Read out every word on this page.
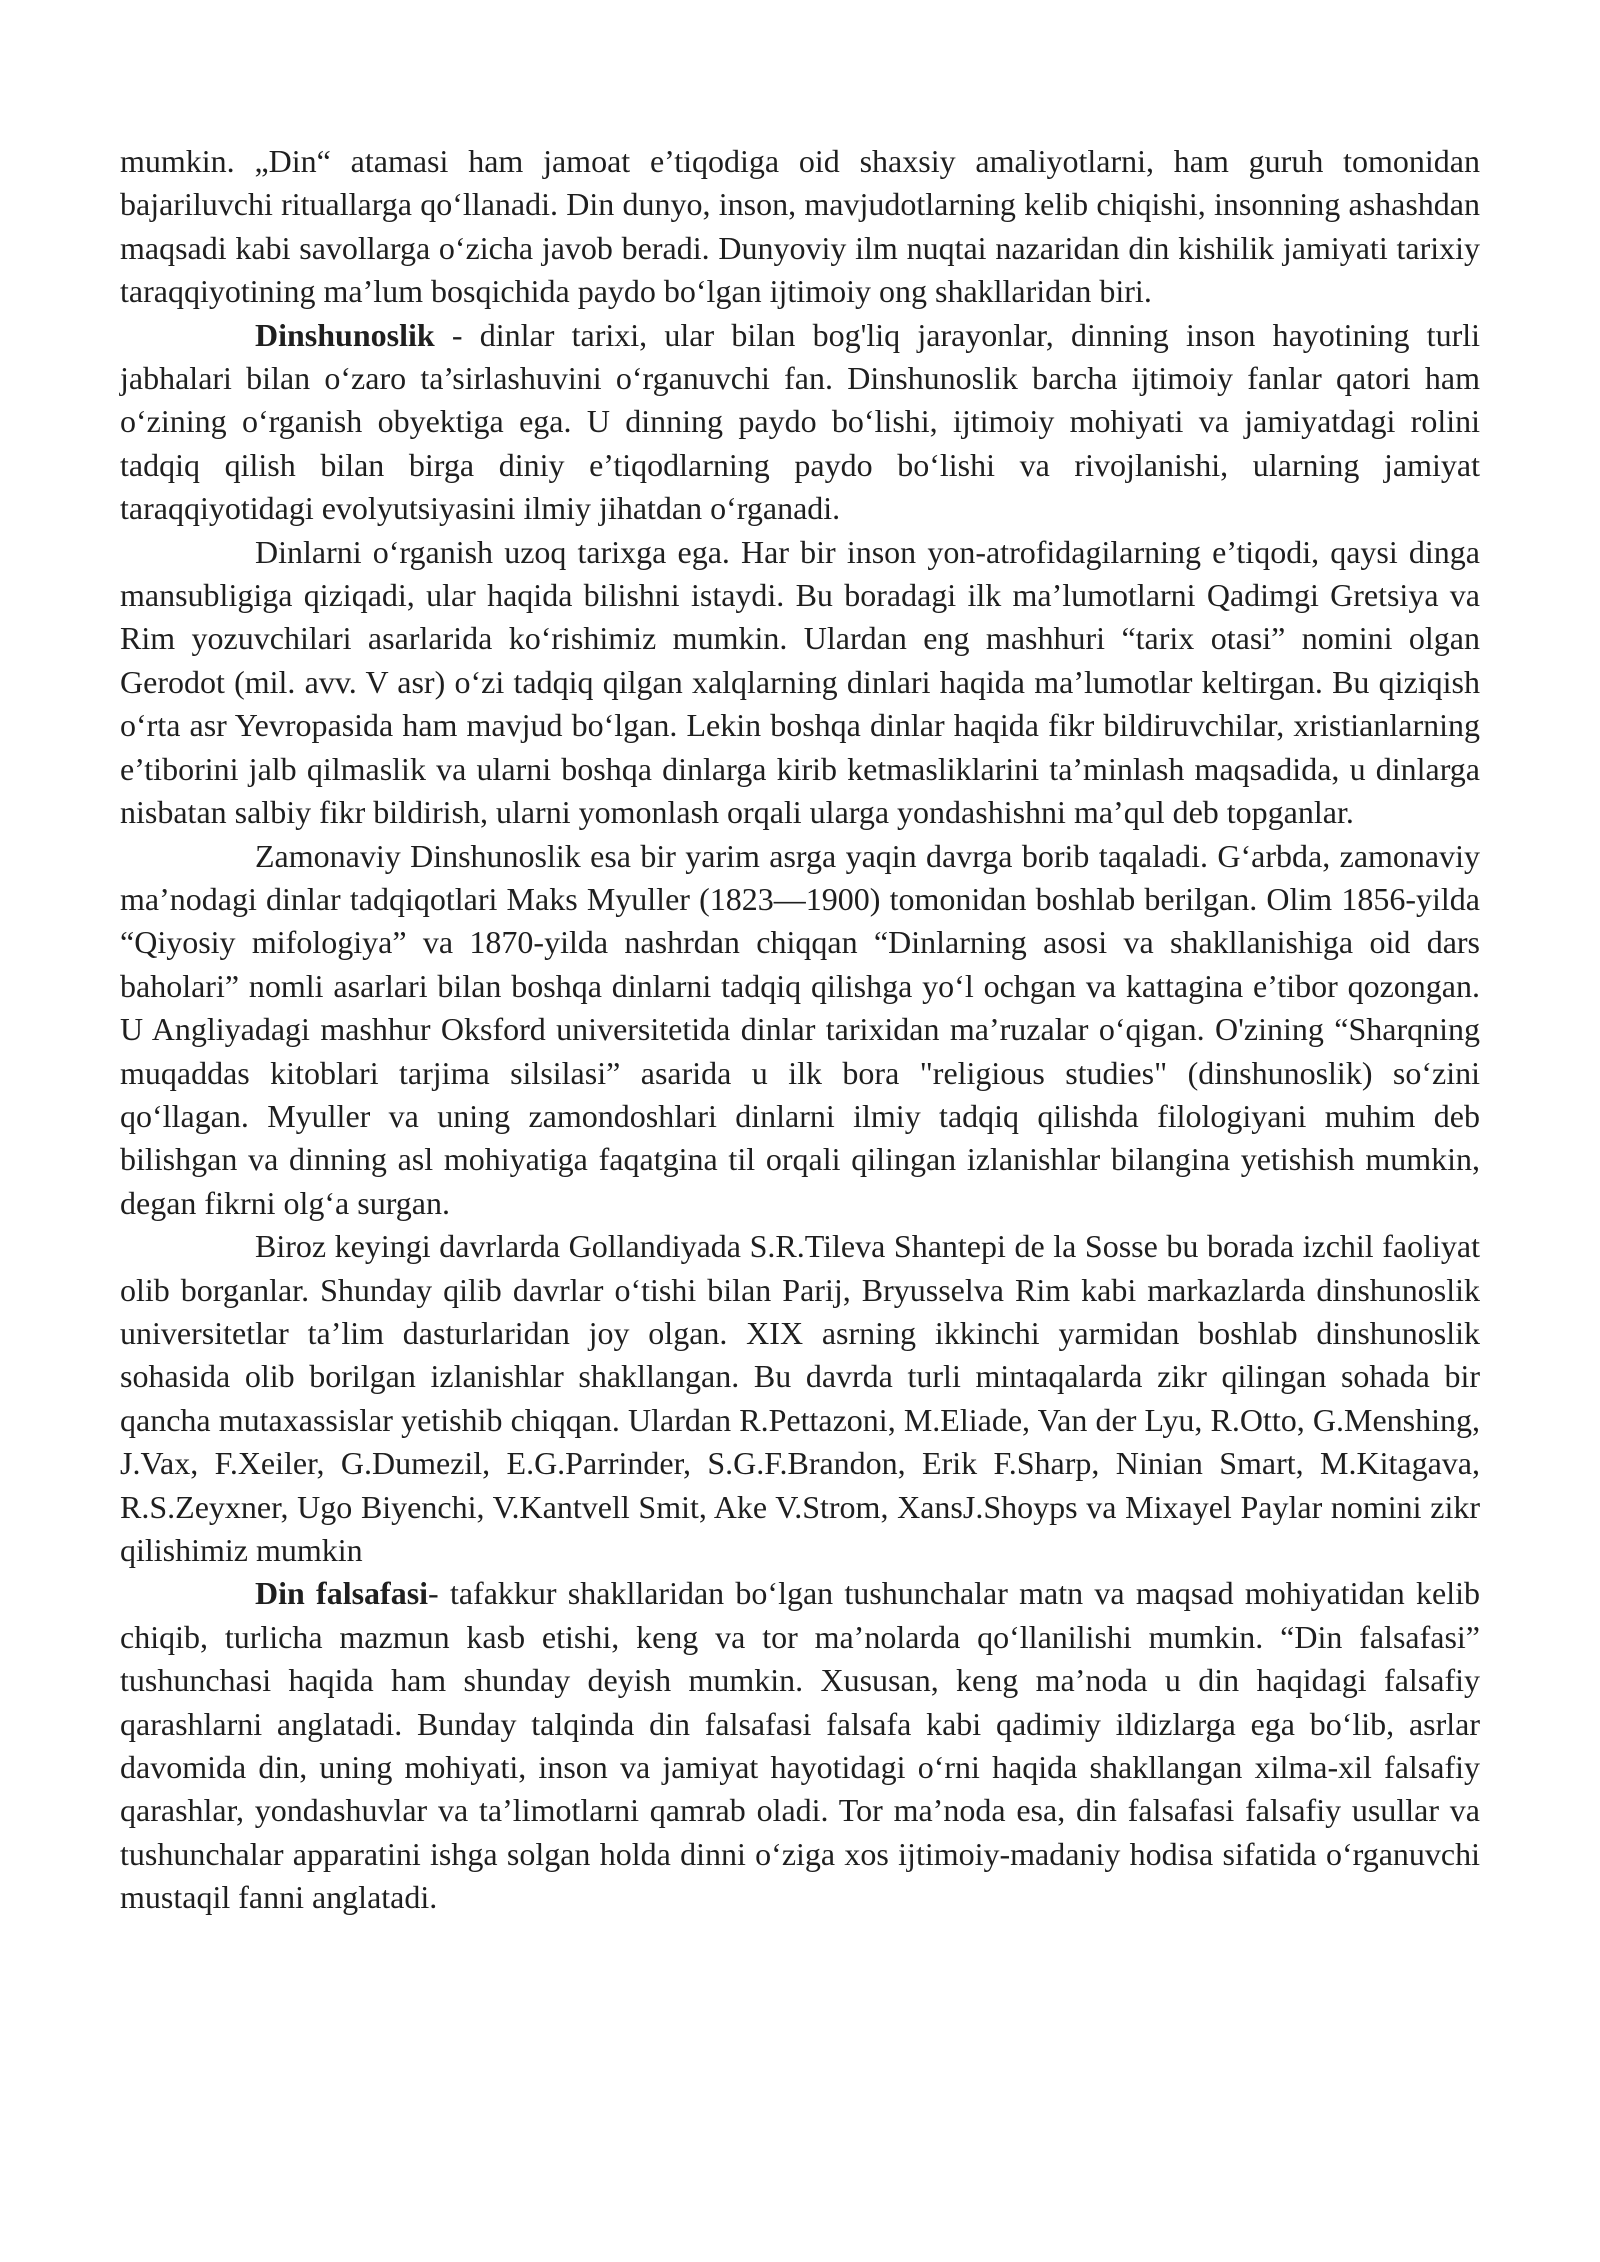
mumkin. „Din“ atamasi ham jamoat e’tiqodiga oid shaxsiy amaliyotlarni, ham guruh tomonidan bajariluvchi rituallarga qo‘llanadi. Din dunyo, inson, mavjudotlarning kelib chiqishi, insonning ashashdan maqsadi kabi savollarga o‘zicha javob beradi. Dunyoviy ilm nuqtai nazaridan din kishilik jamiyati tarixiy taraqqiyotining ma’lum bosqichida paydo bo‘lgan ijtimoiy ong shakllaridan biri.

Dinshunoslik - dinlar tarixi, ular bilan bog'liq jarayonlar, dinning inson hayotining turli jabhalari bilan o‘zaro ta’sirlashuvini o‘rganuvchi fan. Dinshunoslik barcha ijtimoiy fanlar qatori ham o‘zining o‘rganish obyektiga ega. U dinning paydo bo‘lishi, ijtimoiy mohiyati va jamiyatdagi rolini tadqiq qilish bilan birga diniy e’tiqodlarning paydo bo‘lishi va rivojlanishi, ularning jamiyat taraqqiyotidagi evolyutsiyasini ilmiy jihatdan o‘rganadi.

Dinlarni o‘rganish uzoq tarixga ega. Har bir inson yon-atrofidagilarning e’tiqodi, qaysi dinga mansubligiga qiziqadi, ular haqida bilishni istaydi. Bu boradagi ilk ma’lumotlarni Qadimgi Gretsiya va Rim yozuvchilari asarlarida ko‘rishimiz mumkin. Ulardan eng mashhuri “tarix otasi” nomini olgan Gerodot (mil. avv. V asr) o‘zi tadqiq qilgan xalqlarning dinlari haqida ma’lumotlar keltirgan. Bu qiziqish o‘rta asr Yevropasida ham mavjud bo‘lgan. Lekin boshqa dinlar haqida fikr bildiruvchilar, xristianlarning e’tiborini jalb qilmaslik va ularni boshqa dinlarga kirib ketmasliklarini ta’minlash maqsadida, u dinlarga nisbatan salbiy fikr bildirish, ularni yomonlash orqali ularga yondashishni ma’qul deb topganlar.

Zamonaviy Dinshunoslik esa bir yarim asrga yaqin davrga borib taqaladi. G‘arbda, zamonaviy ma’nodagi dinlar tadqiqotlari Maks Myuller (1823—1900) tomonidan boshlab berilgan. Olim 1856-yilda “Qiyosiy mifologiya” va 1870-yilda nashrdan chiqqan “Dinlarning asosi va shakllanishiga oid dars baholari” nomli asarlari bilan boshqa dinlarni tadqiq qilishga yo‘l ochgan va kattagina e’tibor qozongan. U Angliyadagi mashhur Oksford universitetida dinlar tarixidan ma’ruzalar o‘qigan. O'zining “Sharqning muqaddas kitoblari tarjima silsilasi” asarida u ilk bora "religious studies" (dinshunoslik) so‘zini qo‘llagan. Myuller va uning zamondoshlari dinlarni ilmiy tadqiq qilishda filologiyani muhim deb bilishgan va dinning asl mohiyatiga faqatgina til orqali qilingan izlanishlar bilangina yetishish mumkin, degan fikrni olg‘a surgan.

Biroz keyingi davrlarda Gollandiyada S.R.Tileva Shantepi de la Sosse bu borada izchil faoliyat olib borganlar. Shunday qilib davrlar o‘tishi bilan Parij, Bryusselva Rim kabi markazlarda dinshunoslik universitetlar ta’lim dasturlaridan joy olgan. XIX asrning ikkinchi yarmidan boshlab dinshunoslik sohasida olib borilgan izlanishlar shakllangan. Bu davrda turli mintaqalarda zikr qilingan sohada bir qancha mutaxassislar yetishib chiqqan. Ulardan R.Pettazoni, M.Eliade, Van der Lyu, R.Otto, G.Menshing, J.Vax, F.Xeiler, G.Dumezil, E.G.Parrinder, S.G.F.Brandon, Erik F.Sharp, Ninian Smart, M.Kitagava, R.S.Zeyxner, Ugo Biyenchi, V.Kantvell Smit, Ake V.Strom, XansJ.Shoyps va Mixayel Paylar nomini zikr qilishimiz mumkin

Din falsafasi- tafakkur shakllaridan bo‘lgan tushunchalar matn va maqsad mohiyatidan kelib chiqib, turlicha mazmun kasb etishi, keng va tor ma’nolarda qo‘llanilishi mumkin. “Din falsafasi” tushunchasi haqida ham shunday deyish mumkin. Xususan, keng ma’noda u din haqidagi falsafiy qarashlarni anglatadi. Bunday talqinda din falsafasi falsafa kabi qadimiy ildizlarga ega bo‘lib, asrlar davomida din, uning mohiyati, inson va jamiyat hayotidagi o‘rni haqida shakllangan xilma-xil falsafiy qarashlar, yondashuvlar va ta’limotlarni qamrab oladi. Tor ma’noda esa, din falsafasi falsafiy usullar va tushunchalar apparatini ishga solgan holda dinni o‘ziga xos ijtimoiy-madaniy hodisa sifatida o‘rganuvchi mustaqil fanni anglatadi.
